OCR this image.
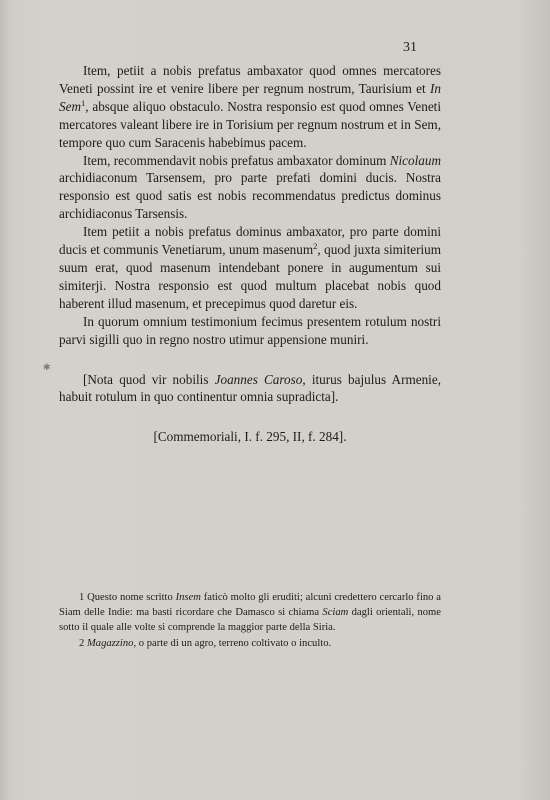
31
✱

Item, petiit a nobis prefatus ambaxator quod omnes mercatores Veneti possint ire et venire libere per regnum nostrum, Taurisium et In Sem$^1$, absque aliquo obstaculo. Nostra responsio est quod omnes Veneti mercatores valeant libere ire in Torisium per regnum nostrum et in Sem, tempore quo cum Saracenis habebimus pacem.

Item, recommendavit nobis prefatus ambaxator dominum Nicolaum archidiaconum Tarsensem, pro parte prefati domini ducis. Nostra responsio est quod satis est nobis recommendatus predictus dominus archidiaconus Tarsensis.

Item petiit a nobis prefatus dominus ambaxator, pro parte domini ducis et communis Venetiarum, unum masenum$^2$, quod juxta simiterium suum erat, quod masenum intendebant ponere in augumentum sui simiterji. Nostra responsio est quod multum placebat nobis quod haberent illud masenum, et precepimus quod daretur eis.

In quorum omnium testimonium fecimus presentem rotulum nostri parvi sigilli quo in regno nostro utimur appensione muniri.

[Nota quod vir nobilis Joannes Caroso, iturus bajulus Armenie, habuit rotulum in quo continentur omnia supradicta].

[Commemoriali, I. f. 295, II, f. 284].

1 Questo nome scritto Insem faticò molto gli eruditi; alcuni credettero cercarlo fino a Siam delle Indie: ma basti ricordare che Damasco si chiama Sciam dagli orientali, nome sotto il quale alle volte si comprende la maggior parte della Siria.

2 Magazzino, o parte di un agro, terreno coltivato o inculto.
